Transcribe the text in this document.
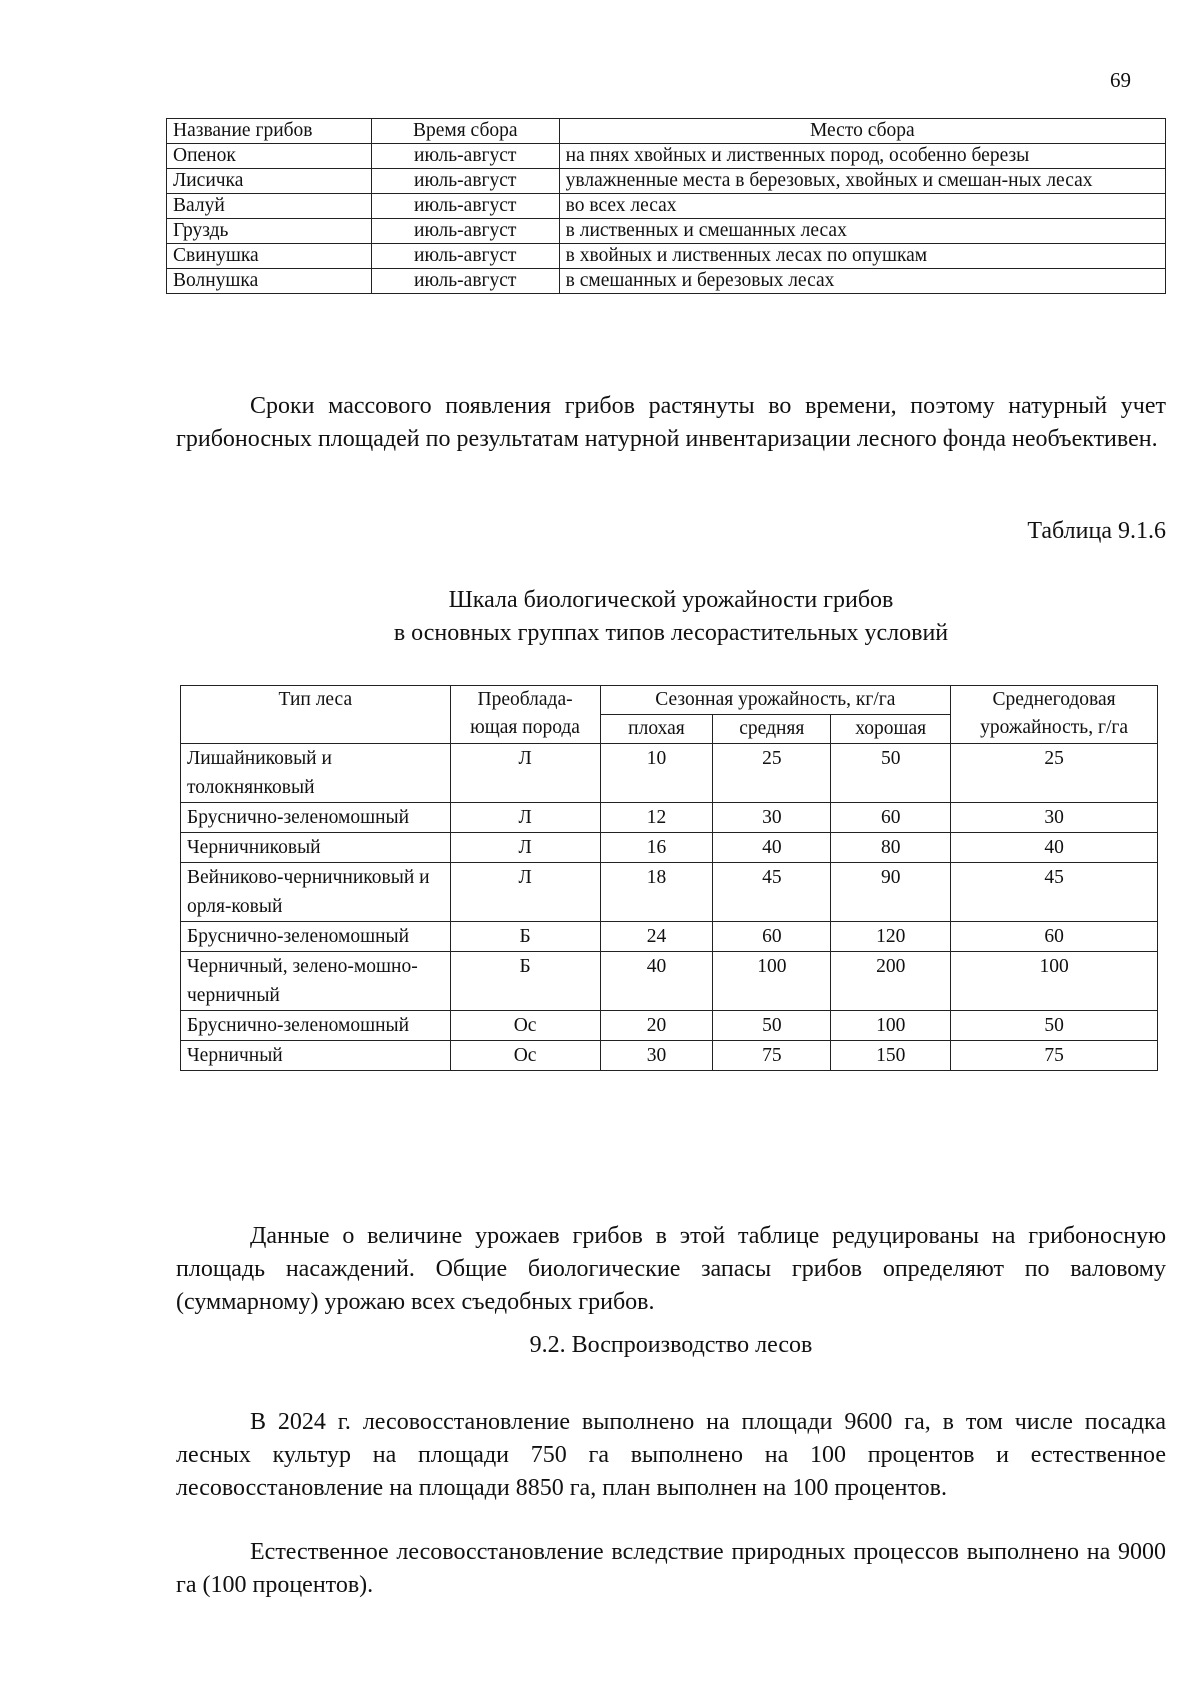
69
Название грибов	Время сбора	Место сбора
Опенок	июль-август	на пнях хвойных и лиственных пород, особенно березы
Лисичка	июль-август	увлажненные места в березовых, хвойных и смешан-ных лесах
Валуй	июль-август	во всех лесах
Груздь	июль-август	в лиственных и смешанных лесах
Свинушка	июль-август	в хвойных и лиственных лесах по опушкам
Волнушка	июль-август	в смешанных и березовых лесах

Сроки массового появления грибов растянуты во времени, поэтому натурный учет грибоносных площадей по результатам натурной инвентаризации лесного фонда необъективен.

Таблица 9.1.6
Шкала биологической урожайности грибов
в основных группах типов лесорастительных условий
Тип леса	Преоблада-ющая порода	Сезонная урожайность, кг/га			Среднегодовая урожайность, г/га
		плохая	средняя	хорошая	
Лишайниковый и толокнянковый	Л	10	25	50	25
Бруснично-зеленомошный	Л	12	30	60	30
Черничниковый	Л	16	40	80	40
Вейниково-черничниковый и орля-ковый	Л	18	45	90	45
Бруснично-зеленомошный	Б	24	60	120	60
Черничный, зелено-мошно-черничный	Б	40	100	200	100
Бруснично-зеленомошный	Ос	20	50	100	50
Черничный	Ос	30	75	150	75

Данные о величине урожаев грибов в этой таблице редуцированы на грибоносную площадь насаждений. Общие биологические запасы грибов определяют по валовому (суммарному) урожаю всех съедобных грибов.

9.2. Воспроизводство лесов

В 2024 г. лесовосстановление выполнено на площади 9600 га, в том числе посадка лесных культур на площади 750 га выполнено на 100 процентов и естественное лесовосстановление на площади 8850 га, план выполнен на 100 процентов.

Естественное лесовосстановление вследствие природных процессов выполнено на 9000 га (100 процентов).
